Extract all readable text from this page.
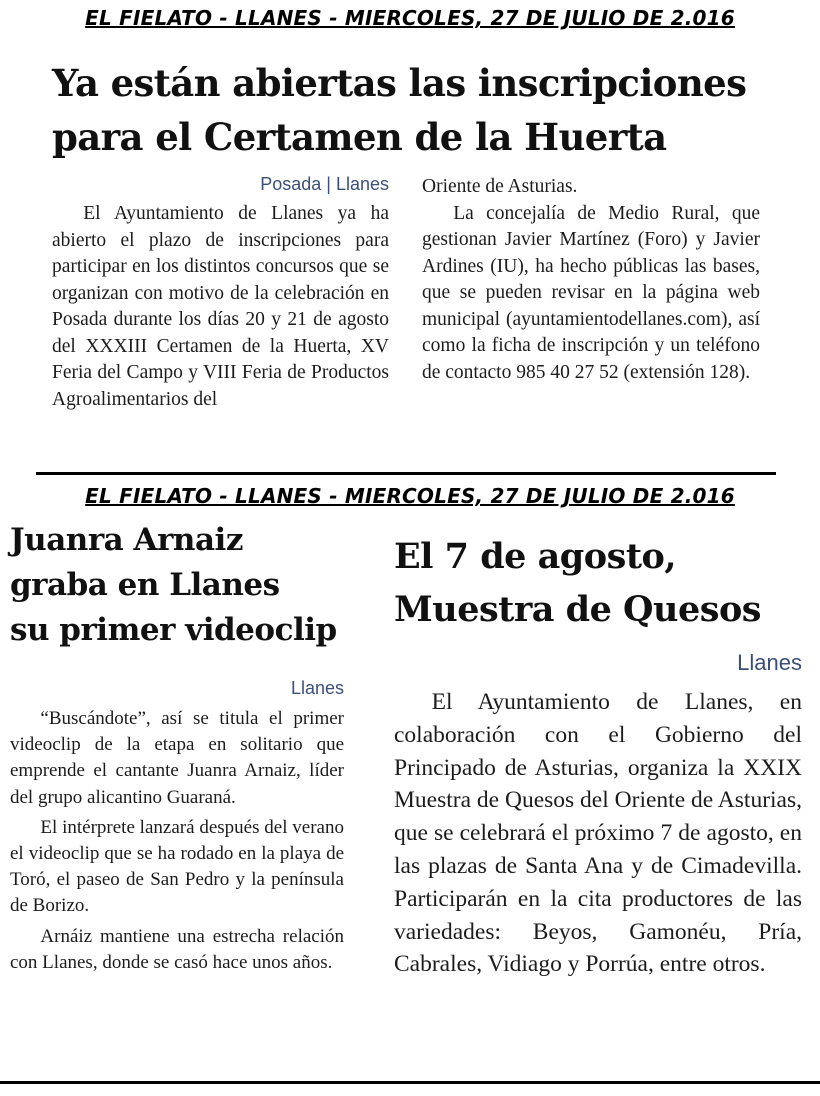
EL FIELATO - LLANES - MIERCOLES, 27 DE JULIO DE 2.016
Ya están abiertas las inscripciones
para el Certamen de la Huerta
Posada | Llanes

El Ayuntamiento de Llanes ya ha abierto el plazo de inscripciones para participar en los distintos concursos que se organizan con motivo de la celebración en Posada durante los días 20 y 21 de agosto del XXXIII Certamen de la Huerta, XV Feria del Campo y VIII Feria de Productos Agroalimentarios del

Oriente de Asturias.

La concejalía de Medio Rural, que gestionan Javier Martínez (Foro) y Javier Ardines (IU), ha hecho públicas las bases, que se pueden revisar en la página web municipal (ayuntamientodellanes.com), así como la ficha de inscripción y un teléfono de contacto 985 40 27 52 (extensión 128).

EL FIELATO - LLANES - MIERCOLES, 27 DE JULIO DE 2.016
Juanra Arnaiz
graba en Llanes
su primer videoclip
Llanes

“Buscándote”, así se titula el primer videoclip de la etapa en solitario que emprende el cantante Juanra Arnaiz, líder del grupo alicantino Guaraná.

El intérprete lanzará después del verano el videoclip que se ha rodado en la playa de Toró, el paseo de San Pedro y la península de Borizo.

Arnáiz mantiene una estrecha relación con Llanes, donde se casó hace unos años.

El 7 de agosto,
Muestra de Quesos
Llanes

El Ayuntamiento de Llanes, en colaboración con el Gobierno del Principado de Asturias, organiza la XXIX Muestra de Quesos del Oriente de Asturias, que se celebrará el próximo 7 de agosto, en las plazas de Santa Ana y de Cimadevilla. Participarán en la cita productores de las variedades: Beyos, Gamonéu, Pría, Cabrales, Vidiago y Porrúa, entre otros.
